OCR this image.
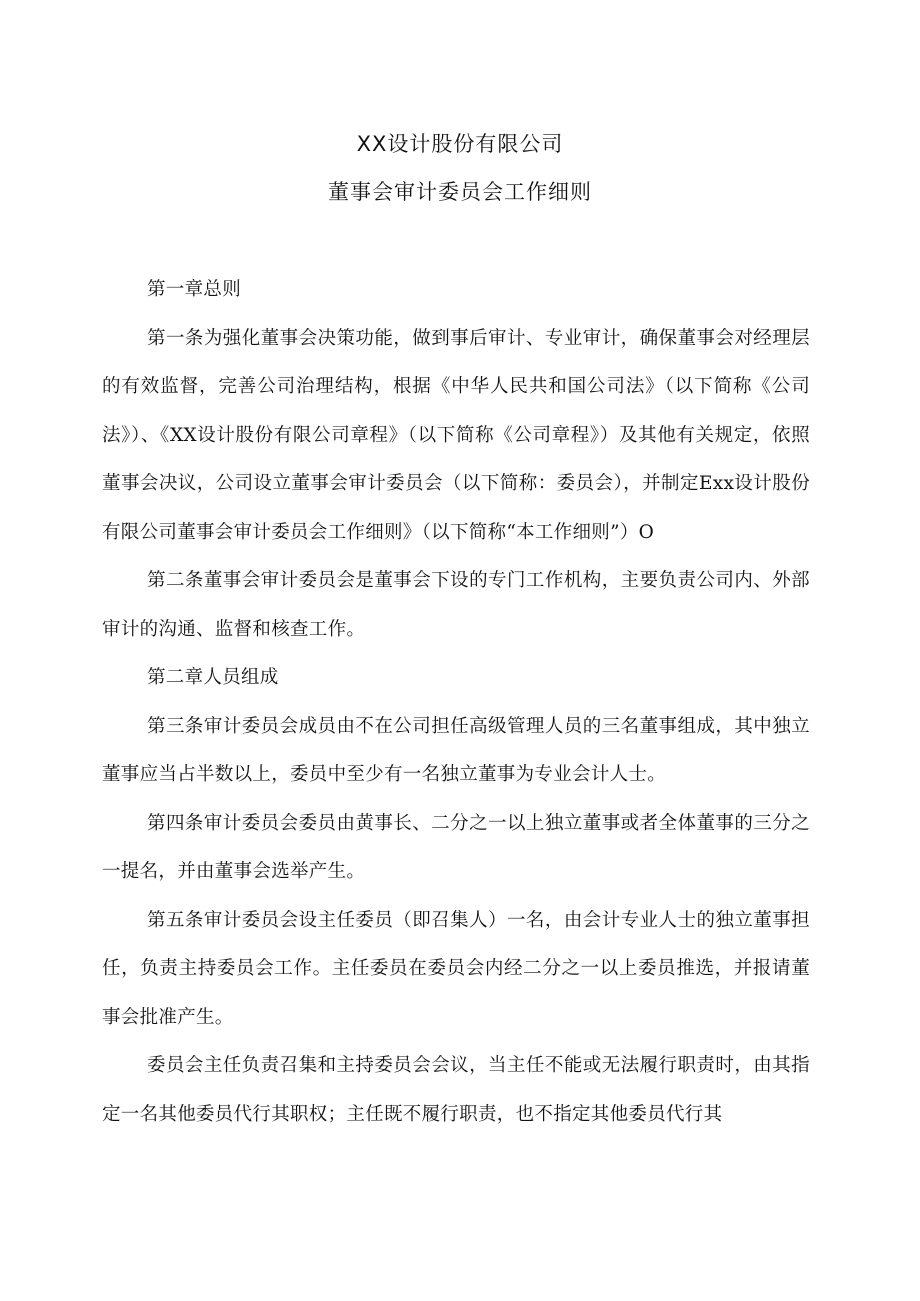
XX设计股份有限公司
董事会审计委员会工作细则

第一章总则

第一条为强化董事会决策功能，做到事后审计、专业审计，确保董事会对经理层的有效监督，完善公司治理结构，根据《中华人民共和国公司法》（以下简称《公司法》）、《XX设计股份有限公司章程》（以下简称《公司章程》）及其他有关规定，依照董事会决议，公司设立董事会审计委员会（以下简称：委员会），并制定Exx设计股份有限公司董事会审计委员会工作细则》（以下简称“本工作细则”）O

第二条董事会审计委员会是董事会下设的专门工作机构，主要负责公司内、外部审计的沟通、监督和核查工作。

第二章人员组成

第三条审计委员会成员由不在公司担任高级管理人员的三名董事组成，其中独立董事应当占半数以上，委员中至少有一名独立董事为专业会计人士。

第四条审计委员会委员由黄事长、二分之一以上独立董事或者全体董事的三分之一提名，并由董事会选举产生。

第五条审计委员会设主任委员（即召集人）一名，由会计专业人士的独立董事担任，负责主持委员会工作。主任委员在委员会内经二分之一以上委员推选，并报请董事会批准产生。

委员会主任负责召集和主持委员会会议，当主任不能或无法履行职责时，由其指定一名其他委员代行其职权；主任既不履行职责，也不指定其他委员代行其
